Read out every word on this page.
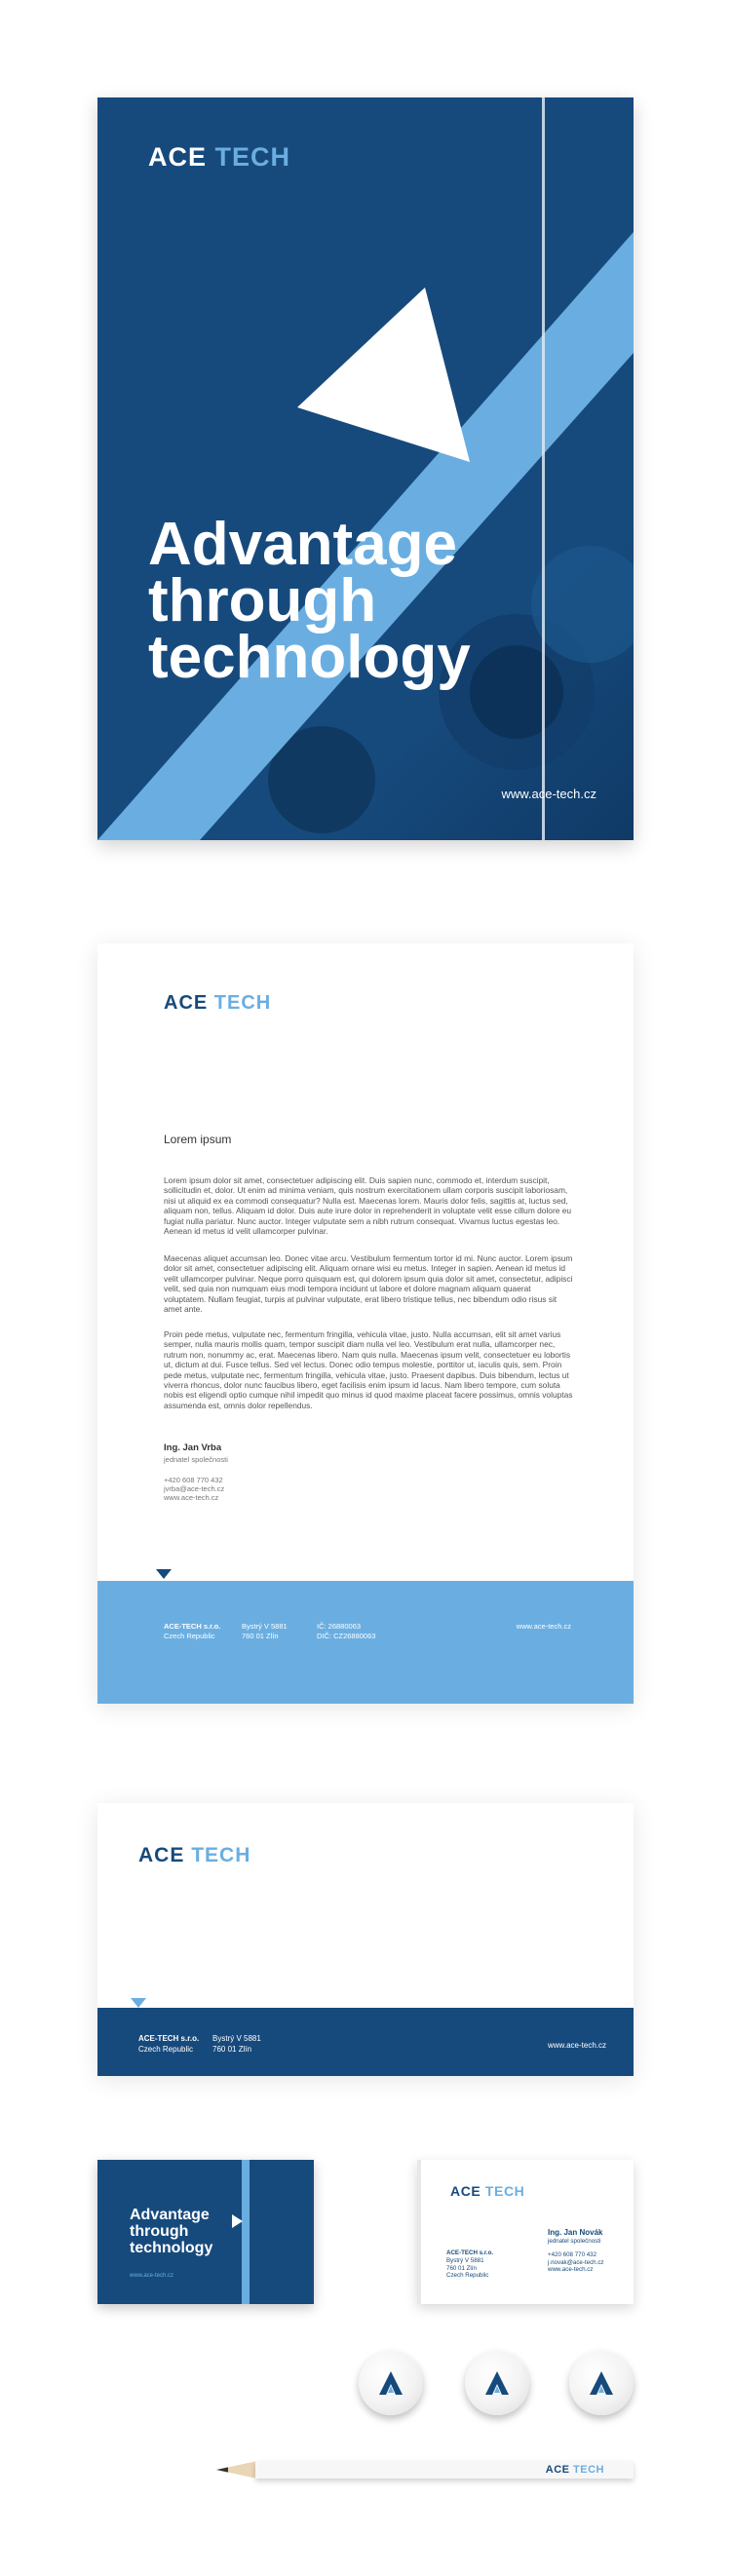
ACE TECH
Advantage
through
technology
www.ace-tech.cz
ACE TECH
Lorem ipsum
Lorem ipsum dolor sit amet, consectetuer adipiscing elit. Duis sapien nunc, commodo et, interdum suscipit, sollicitudin et, dolor. Ut enim ad minima veniam, quis nostrum exercitationem ullam corporis suscipit laboriosam, nisi ut aliquid ex ea commodi consequatur? Nulla est. Maecenas lorem. Mauris dolor felis, sagittis at, luctus sed, aliquam non, tellus. Aliquam id dolor. Duis aute irure dolor in reprehenderit in voluptate velit esse cillum dolore eu fugiat nulla pariatur. Nunc auctor. Integer vulputate sem a nibh rutrum consequat. Vivamus luctus egestas leo. Aenean id metus id velit ullamcorper pulvinar.
Maecenas aliquet accumsan leo. Donec vitae arcu. Vestibulum fermentum tortor id mi. Nunc auctor. Lorem ipsum dolor sit amet, consectetuer adipiscing elit. Aliquam ornare wisi eu metus. Integer in sapien. Aenean id metus id velit ullamcorper pulvinar. Neque porro quisquam est, qui dolorem ipsum quia dolor sit amet, consectetur, adipisci velit, sed quia non numquam eius modi tempora incidunt ut labore et dolore magnam aliquam quaerat voluptatem. Nullam feugiat, turpis at pulvinar vulputate, erat libero tristique tellus, nec bibendum odio risus sit amet ante.
Proin pede metus, vulputate nec, fermentum fringilla, vehicula vitae, justo. Nulla accumsan, elit sit amet varius semper, nulla mauris mollis quam, tempor suscipit diam nulla vel leo. Vestibulum erat nulla, ullamcorper nec, rutrum non, nonummy ac, erat. Maecenas libero. Nam quis nulla. Maecenas ipsum velit, consectetuer eu lobortis ut, dictum at dui. Fusce tellus. Sed vel lectus. Donec odio tempus molestie, porttitor ut, iaculis quis, sem. Proin pede metus, vulputate nec, fermentum fringilla, vehicula vitae, justo. Praesent dapibus. Duis bibendum, lectus ut viverra rhoncus, dolor nunc faucibus libero, eget facilisis enim ipsum id lacus. Nam libero tempore, cum soluta nobis est eligendi optio cumque nihil impedit quo minus id quod maxime placeat facere possimus, omnis voluptas assumenda est, omnis dolor repellendus.
Ing. Jan Vrba
jednatel společnosti
+420 608 770 432
jvrba@ace-tech.cz
www.ace-tech.cz
ACE-TECH s.r.o.
Czech Republic
Bystrý V 5881
760 01 Zlín
IČ: 26880063
DIČ: CZ26880063
www.ace-tech.cz
ACE TECH
ACE-TECH s.r.o.
Czech Republic
Bystrý V 5881
760 01 Zlín	www.ace-tech.cz
Advantage
through
technology
www.ace-tech.cz
ACE TECH
ACE-TECH s.r.o.
Bystrý V 5881
760 01 Zlín
Czech Republic
Ing. Jan Novák
jednatel společnosti
+420 608 770 432
j.novak@ace-tech.cz
www.ace-tech.cz
ACE TECH
